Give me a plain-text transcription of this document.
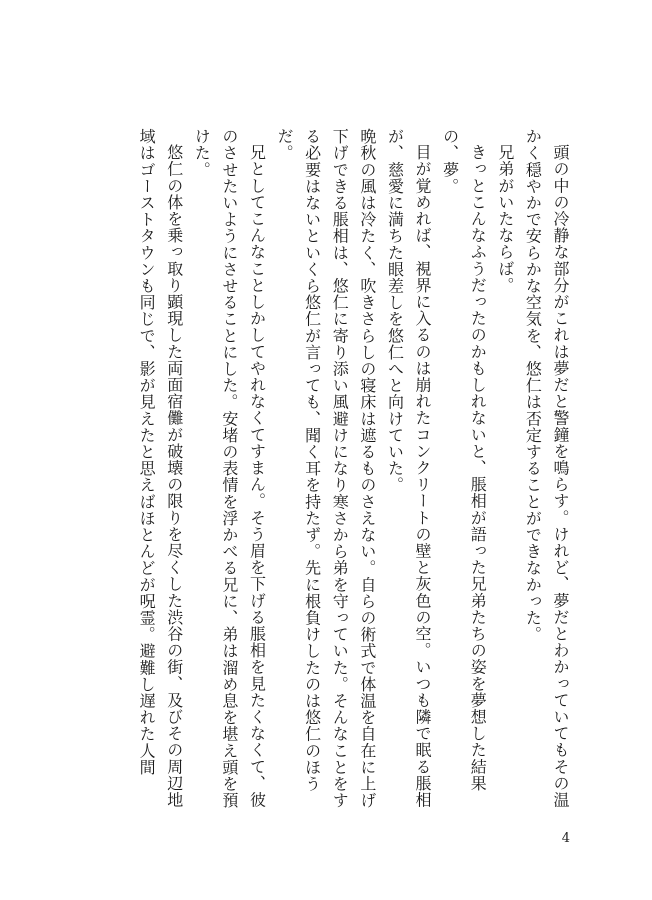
頭の中の冷静な部分がこれは夢だと警鐘を鳴らす。けれど、夢だとわかっていてもその温かく穏やかで安らかな空気を、悠仁は否定することができなかった。

兄弟がいたならば。

きっとこんなふうだったのかもしれないと、脹相が語った兄弟たちの姿を夢想した結果の、夢。

目が覚めれば、視界に入るのは崩れたコンクリートの壁と灰色の空。いつも隣で眠る脹相が、慈愛に満ちた眼差しを悠仁へと向けていた。

晩秋の風は冷たく、吹きさらしの寝床は遮るものさえない。自らの術式で体温を自在に上げ下げできる脹相は、悠仁に寄り添い風避けになり寒さから弟を守っていた。そんなことをする必要はないといくら悠仁が言っても、聞く耳を持たず。先に根負けしたのは悠仁のほうだ。

兄としてこんなことしかしてやれなくてすまん。そう眉を下げる脹相を見たくなくて、彼のさせたいようにさせることにした。安堵の表情を浮かべる兄に、弟は溜め息を堪え頭を預けた。

悠仁の体を乗っ取り顕現した両面宿儺が破壊の限りを尽くした渋谷の街、及びその周辺地域はゴーストタウンも同じで、影が見えたと思えばほとんどが呪霊。避難し遅れた人間

4
